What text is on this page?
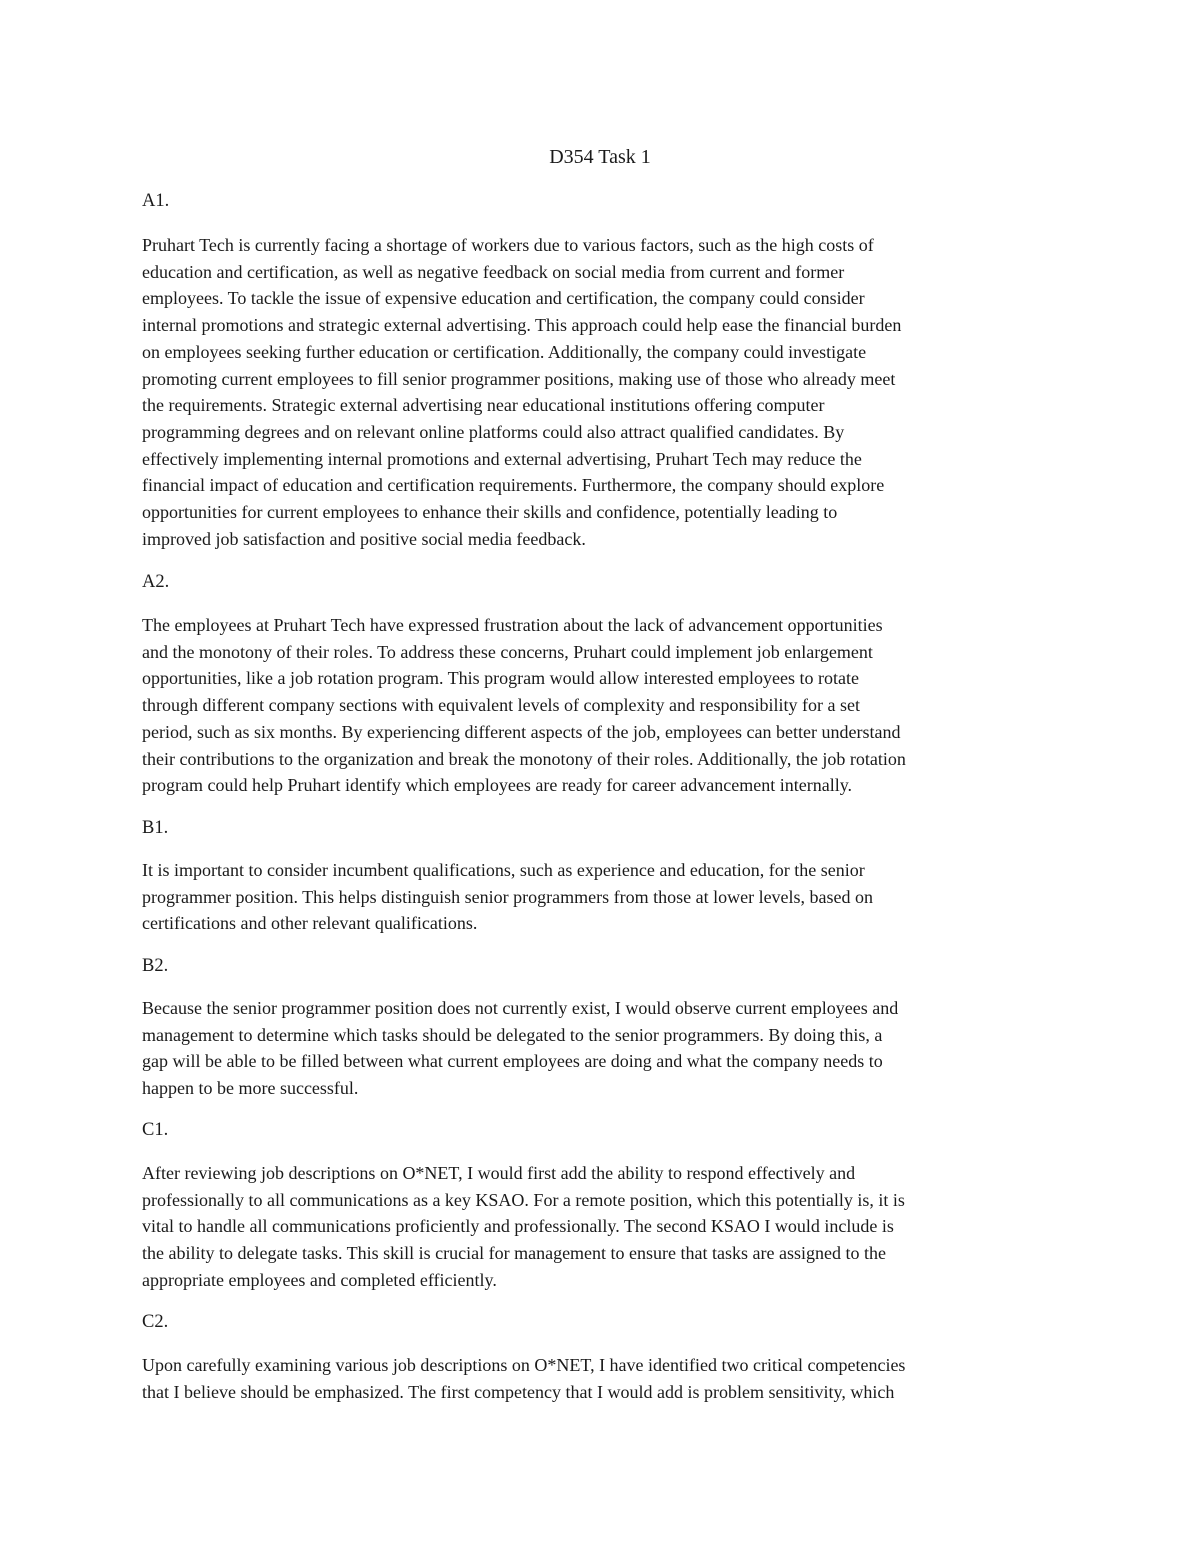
D354 Task 1
A1.

Pruhart Tech is currently facing a shortage of workers due to various factors, such as the high costs of
education and certification, as well as negative feedback on social media from current and former
employees. To tackle the issue of expensive education and certification, the company could consider
internal promotions and strategic external advertising. This approach could help ease the financial burden
on employees seeking further education or certification. Additionally, the company could investigate
promoting current employees to fill senior programmer positions, making use of those who already meet
the requirements. Strategic external advertising near educational institutions offering computer
programming degrees and on relevant online platforms could also attract qualified candidates. By
effectively implementing internal promotions and external advertising, Pruhart Tech may reduce the
financial impact of education and certification requirements. Furthermore, the company should explore
opportunities for current employees to enhance their skills and confidence, potentially leading to
improved job satisfaction and positive social media feedback.

A2.

The employees at Pruhart Tech have expressed frustration about the lack of advancement opportunities
and the monotony of their roles. To address these concerns, Pruhart could implement job enlargement
opportunities, like a job rotation program. This program would allow interested employees to rotate
through different company sections with equivalent levels of complexity and responsibility for a set
period, such as six months. By experiencing different aspects of the job, employees can better understand
their contributions to the organization and break the monotony of their roles. Additionally, the job rotation
program could help Pruhart identify which employees are ready for career advancement internally.

B1.

It is important to consider incumbent qualifications, such as experience and education, for the senior
programmer position. This helps distinguish senior programmers from those at lower levels, based on
certifications and other relevant qualifications.

B2.

Because the senior programmer position does not currently exist, I would observe current employees and
management to determine which tasks should be delegated to the senior programmers. By doing this, a
gap will be able to be filled between what current employees are doing and what the company needs to
happen to be more successful.

C1.

After reviewing job descriptions on O*NET, I would first add the ability to respond effectively and
professionally to all communications as a key KSAO. For a remote position, which this potentially is, it is
vital to handle all communications proficiently and professionally. The second KSAO I would include is
the ability to delegate tasks. This skill is crucial for management to ensure that tasks are assigned to the
appropriate employees and completed efficiently.

C2.

Upon carefully examining various job descriptions on O*NET, I have identified two critical competencies
that I believe should be emphasized. The first competency that I would add is problem sensitivity, which
